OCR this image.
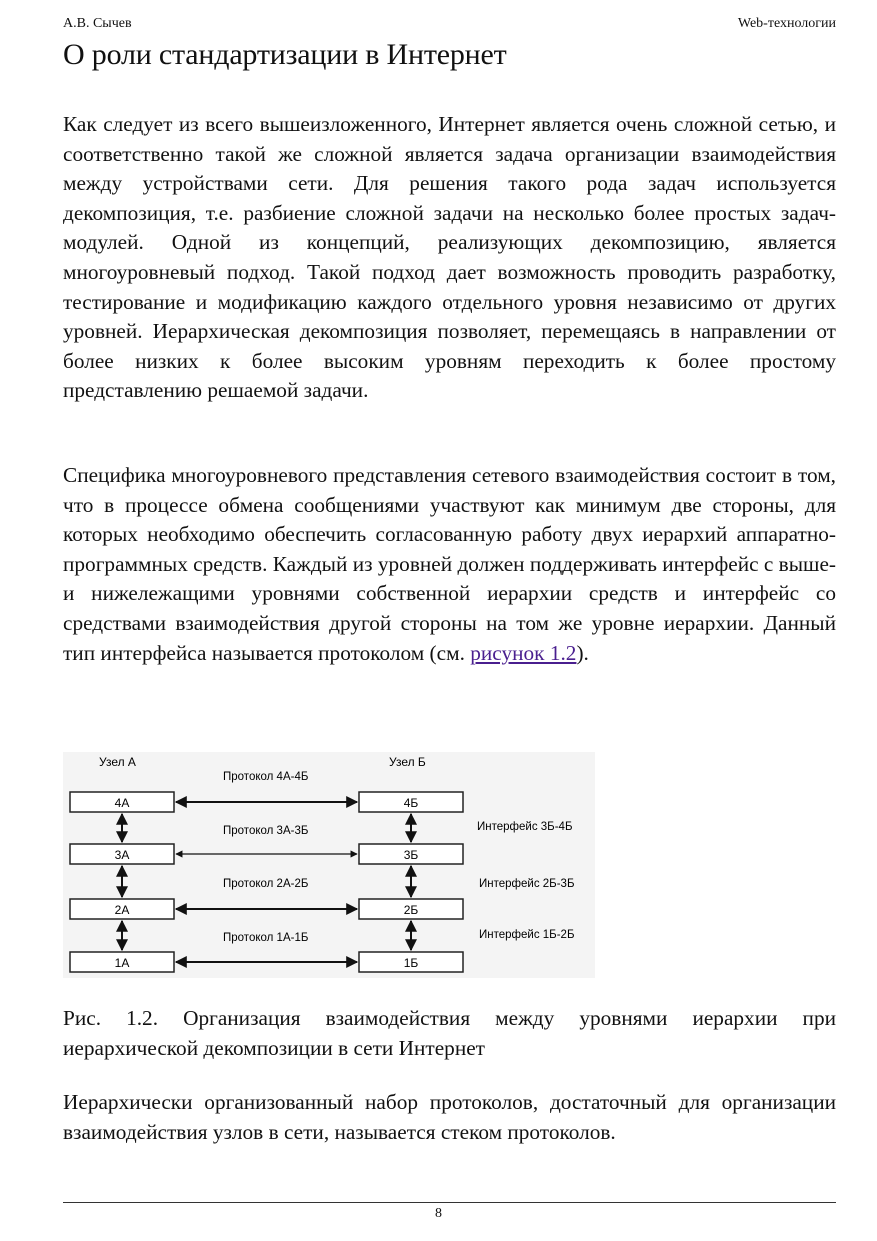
А.В. Сычев	Web-технологии
О роли стандартизации в Интернет

Как следует из всего вышеизложенного, Интернет является очень сложной сетью, и соответственно такой же сложной является задача организации взаимодействия между устройствами сети. Для решения такого рода задач используется декомпозиция, т.е. разбиение сложной задачи на несколько более простых задач-модулей. Одной из концепций, реализующих декомпозицию, является многоуровневый подход. Такой подход дает возможность проводить разработку, тестирование и модификацию каждого отдельного уровня независимо от других уровней. Иерархическая декомпозиция позволяет, перемещаясь в направлении от более низких к более высоким уровням переходить к более простому представлению решаемой задачи.

Специфика многоуровневого представления сетевого взаимодействия состоит в том, что в процессе обмена сообщениями участвуют как минимум две стороны, для которых необходимо обеспечить согласованную работу двух иерархий аппаратно-программных средств. Каждый из уровней должен поддерживать интерфейс с выше- и нижележащими уровнями собственной иерархии средств и интерфейс со средствами взаимодействия другой стороны на том же уровне иерархии. Данный тип интерфейса называется протоколом (см. рисунок 1.2).

Узел А	Узел Б
Протокол 4А-4Б
Протокол 3А-3Б
Протокол 2А-2Б
Протокол 1А-1Б
4А
3А
2А
1А
4Б
3Б
2Б
1Б
Интерфейс 3Б-4Б
Интерфейс 2Б-3Б
Интерфейс 1Б-2Б

Рис. 1.2. Организация взаимодействия между уровнями иерархии при иерархической декомпозиции в сети Интернет

Иерархически организованный набор протоколов, достаточный для организации взаимодействия узлов в сети, называется стеком протоколов.

8
